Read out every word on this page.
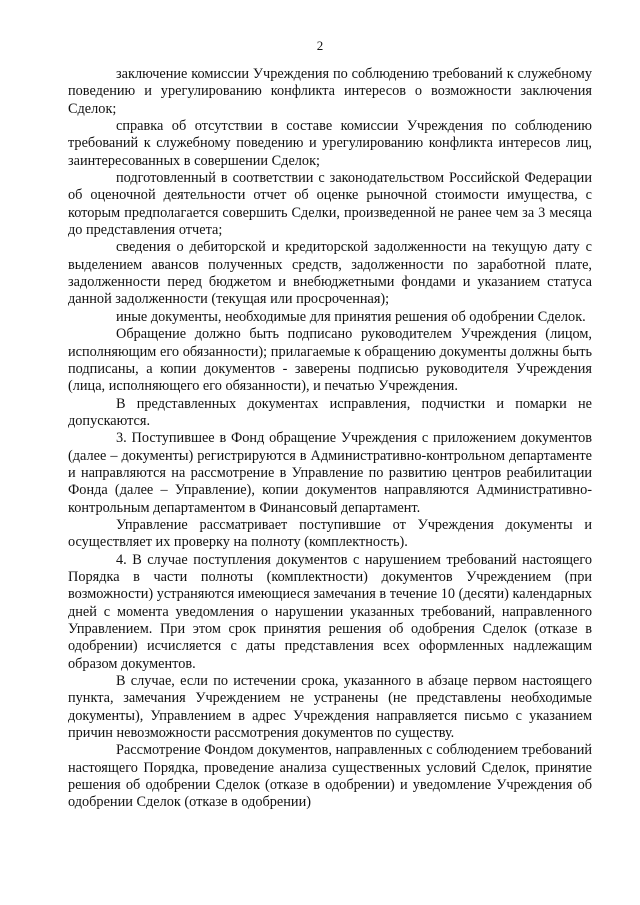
2

заключение комиссии Учреждения по соблюдению требований к служебному поведению и урегулированию конфликта интересов о возможности заключения Сделок;

справка об отсутствии в составе комиссии Учреждения по соблюдению требований к служебному поведению и урегулированию конфликта интересов лиц, заинтересованных в совершении Сделок;

подготовленный в соответствии с законодательством Российской Федерации об оценочной деятельности отчет об оценке рыночной стоимости имущества, с которым предполагается совершить Сделки, произведенной не ранее чем за 3 месяца до представления отчета;

сведения о дебиторской и кредиторской задолженности на текущую дату с выделением авансов полученных средств, задолженности по заработной плате, задолженности перед бюджетом и внебюджетными фондами и указанием статуса данной задолженности (текущая или просроченная);

иные документы, необходимые для принятия решения об одобрении Сделок.

Обращение должно быть подписано руководителем Учреждения (лицом, исполняющим его обязанности); прилагаемые к обращению документы должны быть подписаны, а копии документов - заверены подписью руководителя Учреждения (лица, исполняющего его обязанности), и печатью Учреждения.

В представленных документах исправления, подчистки и помарки не допускаются.

3. Поступившее в Фонд обращение Учреждения с приложением документов (далее – документы) регистрируются в Административно-контрольном департаменте и направляются на рассмотрение в Управление по развитию центров реабилитации Фонда (далее – Управление), копии документов направляются Административно-контрольным департаментом в Финансовый департамент.

Управление рассматривает поступившие от Учреждения документы и осуществляет их проверку на полноту (комплектность).

4. В случае поступления документов с нарушением требований настоящего Порядка в части полноты (комплектности) документов Учреждением (при возможности) устраняются имеющиеся замечания в течение 10 (десяти) календарных дней с момента уведомления о нарушении указанных требований, направленного Управлением. При этом срок принятия решения об одобрения Сделок (отказе в одобрении) исчисляется с даты представления всех оформленных надлежащим образом документов.

В случае, если по истечении срока, указанного в абзаце первом настоящего пункта, замечания Учреждением не устранены (не представлены необходимые документы), Управлением в адрес Учреждения направляется письмо с указанием причин невозможности рассмотрения документов по существу.

Рассмотрение Фондом документов, направленных с соблюдением требований настоящего Порядка, проведение анализа существенных условий Сделок, принятие решения об одобрении Сделок (отказе в одобрении) и уведомление Учреждения об одобрении Сделок (отказе в одобрении)
